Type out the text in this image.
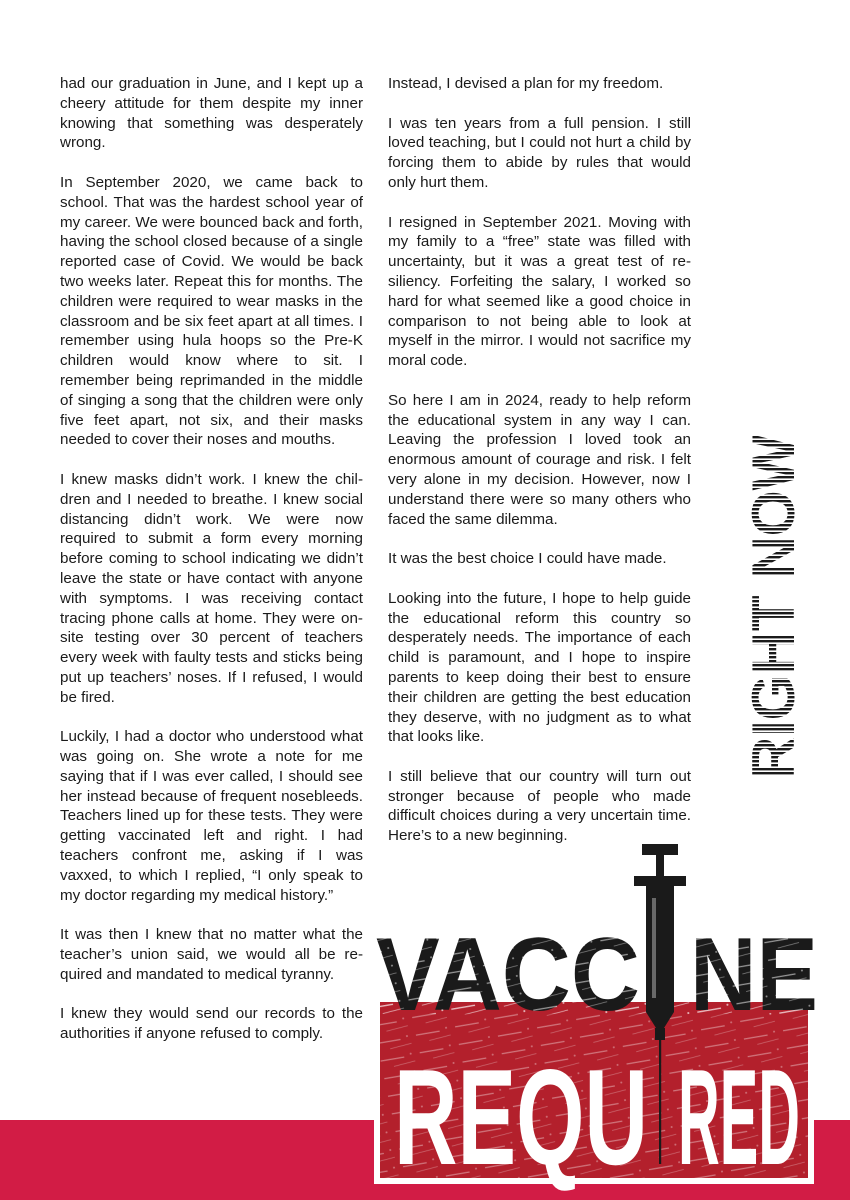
had our graduation in June, and I kept up a cheery attitude for them despite my inner knowing that something was desperately wrong.

In September 2020, we came back to school. That was the hardest school year of my career. We were bounced back and forth, having the school closed because of a single reported case of Covid. We would be back two weeks later. Repeat this for months. The children were required to wear masks in the classroom and be six feet apart at all times. I remember using hula hoops so the Pre-K children would know where to sit. I remember being reprimanded in the middle of singing a song that the children were only five feet apart, not six, and their masks needed to cover their noses and mouths.

I knew masks didn’t work. I knew the children and I needed to breathe. I knew social distancing didn’t work. We were now required to submit a form every morning before coming to school indicating we didn’t leave the state or have contact with anyone with symptoms. I was receiving contact tracing phone calls at home. They were on-site testing over 30 percent of teachers every week with faulty tests and sticks being put up teachers’ noses. If I refused, I would be fired.

Luckily, I had a doctor who understood what was going on. She wrote a note for me saying that if I was ever called, I should see her instead because of frequent nosebleeds. Teachers lined up for these tests. They were getting vaccinated left and right. I had teachers confront me, asking if I was vaxxed, to which I replied, “I only speak to my doctor regarding my medical history.”

It was then I knew that no matter what the teacher’s union said, we would all be required and mandated to medical tyranny.

I knew they would send our records to the authorities if anyone refused to comply.

Instead, I devised a plan for my freedom.

I was ten years from a full pension. I still loved teaching, but I could not hurt a child by forcing them to abide by rules that would only hurt them.

I resigned in September 2021. Moving with my family to a “free” state was filled with uncertainty, but it was a great test of resiliency. Forfeiting the salary, I worked so hard for what seemed like a good choice in comparison to not being able to look at myself in the mirror. I would not sacrifice my moral code.

So here I am in 2024, ready to help reform the educational system in any way I can. Leaving the profession I loved took an enormous amount of courage and risk. I felt very alone in my decision. However, now I understand there were so many others who faced the same dilemma.

It was the best choice I could have made.

Looking into the future, I hope to help guide the educational reform this country so desperately needs. The importance of each child is paramount, and I hope to inspire parents to keep doing their best to ensure their children are getting the best education they deserve, with no judgment as to what that looks like.

I still believe that our country will turn out stronger because of people who made difficult choices during a very uncertain time. Here’s to a new beginning.

REQU RED
